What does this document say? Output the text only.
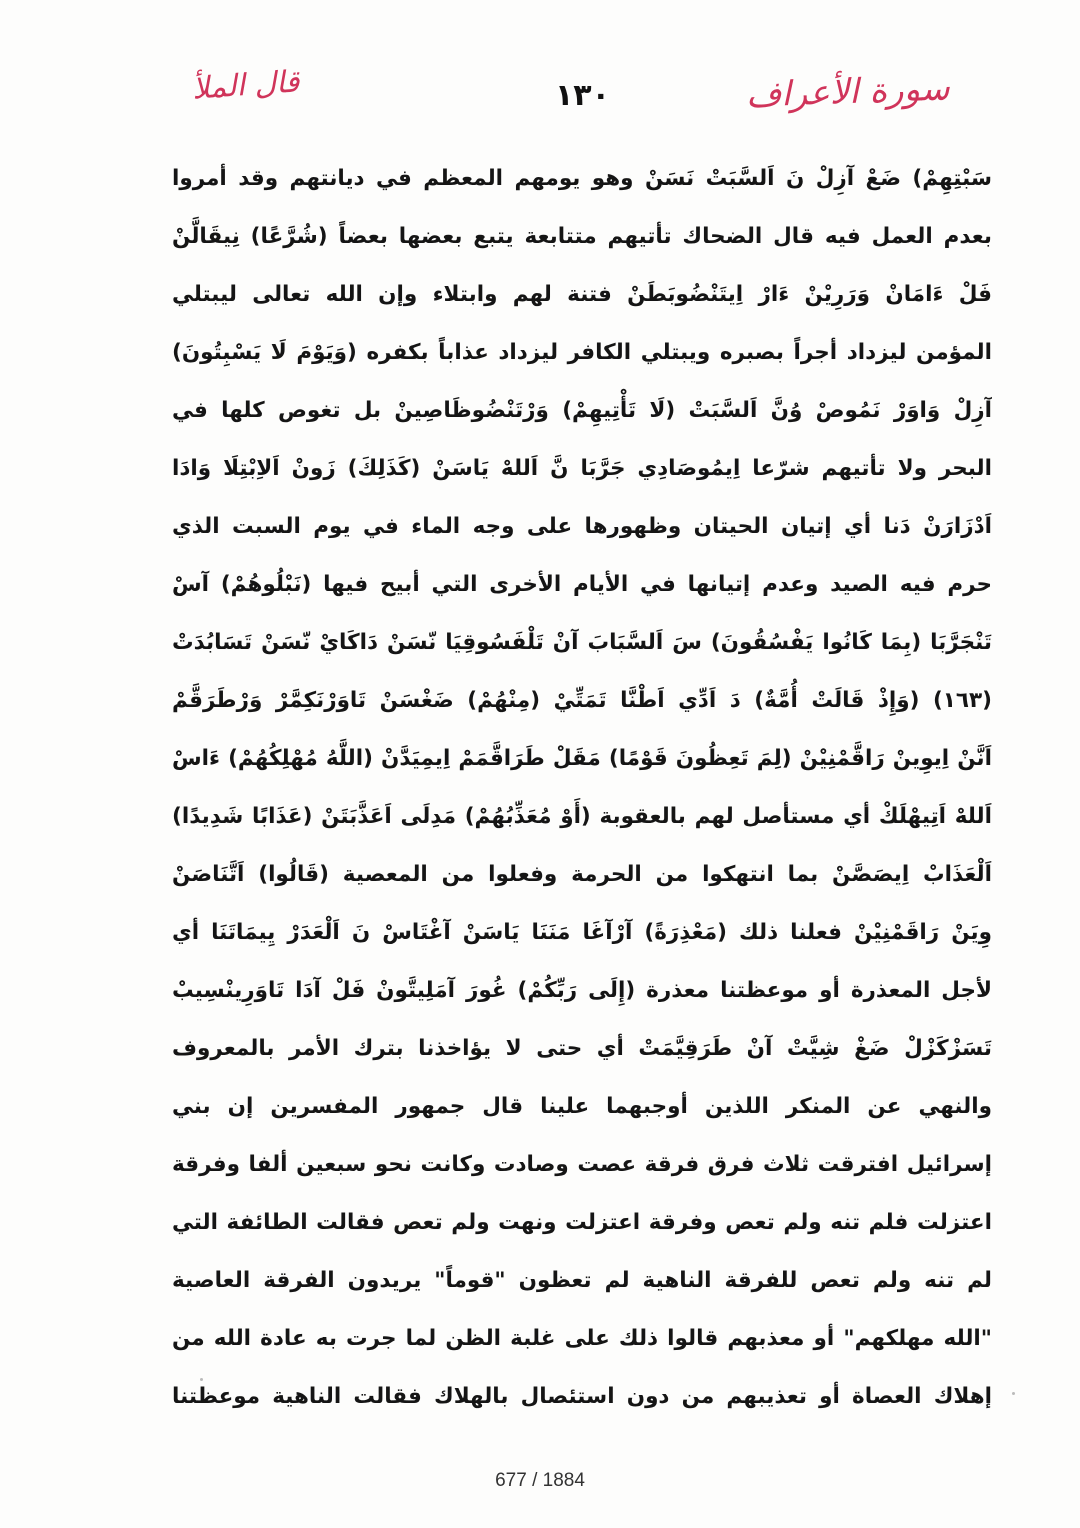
قال الملأ	١٣٠	سورة الأعراف
سَبْتِهِمْ) ضَعْ آزِلْ نَ اَلسَّبَتْ نَسَنْ وهو يومهم المعظم في ديانتهم وقد أمروا
بعدم العمل فيه قال الضحاك تأتيهم متتابعة يتبع بعضها بعضاً (شُرَّعًا) نِيقَالَّنْ
فَلْ ءَامَانْ وَرَرِيْنْ ءَارْ اِيتَنْضُوبَطَنْ فتنة لهم وابتلاء وإن الله تعالى ليبتلي
المؤمن ليزداد أجراً بصبره ويبتلي الكافر ليزداد عذاباً بكفره (وَيَوْمَ لَا يَسْبِتُونَ)
آزِلْ وَاوَرْ نَمُوصْ وُنَّ اَلسَّبَتْ (لَا تَأْتِيهِمْ) وَرْتَنْضُوظَاصِينْ بل تغوص كلها في
البحر ولا تأتيهم شرّعا اِيمُوصَادِي جَرَّبَا نَّ اَللهْ يَاسَنْ (كَذَلِكَ) زَونْ اَلاِبْتِلَا وَادَا
اَدْزَارَنْ دَنا أي إتيان الحيتان وظهورها على وجه الماء في يوم السبت الذي
حرم فيه الصيد وعدم إتيانها في الأيام الأخرى التي أبيح فيها (نَبْلُوهُمْ) آسْ
تَنْجَرَّبَا (بِمَا كَانُوا يَفْسُقُونَ) سَ اَلسَّبَابَ آنْ تَلْفَسُوقِيَا نّسَنْ دَاكَايْ نّسَنْ تَسَابُدَتْ
(١٦٣) (وَإِذْ قَالَتْ أُمَّةٌ) دَ اَدِّي اَطْنَّا تَمَتِّيْ (مِنْهُمْ) ضَغْسَنْ تَاوَرْنَكِمَّرْ وَرْطَرَقَّمْ
اَنَّنْ اِيوِينْ رَاقَّمْنِيْنْ (لِمَ تَعِظُونَ قَوْمًا) مَقَلْ طَرَاقَّمَمْ اِيمِيَدَّنْ (اللَّهُ مُهْلِكُهُمْ) ءَاسْ
اَللهْ اَتِيهْلَكْ أي مستأصل لهم بالعقوبة (أَوْ مُعَذِّبُهُمْ) مَدِلَى اَعَذَّبَتَنْ (عَذَابًا شَدِيدًا)
اَلْعَذَابْ اِيصَصَّنْ بما انتهكوا من الحرمة وفعلوا من المعصية (قَالُوا) اَتَّنَاصَنْ
وِيَنْ رَاقَمْنِيْنْ فعلنا ذلك (مَعْذِرَةً) آرْآغَا مَنَنَا يَاسَنْ آغْتَاسْ نَ اَلْعَدَرْ يِيمَاتَنَا أي
لأجل المعذرة أو موعظتنا معذرة (إِلَى رَبِّكُمْ) غُورَ آمَلِيتَّونْ فَلْ آدَا تَاوَرِينْسِيبْ
تَسَزْكَزْلْ ضَغْ شِيَّتْ آنْ طَرَقِيَّمَتْ أي حتى لا يؤاخذنا بترك الأمر بالمعروف
والنهي عن المنكر اللذين أوجبهما علينا قال جمهور المفسرين إن بني
إسرائيل افترقت ثلاث فرق فرقة عصت وصادت وكانت نحو سبعين ألفا وفرقة
اعتزلت فلم تنه ولم تعص وفرقة اعتزلت ونهت ولم تعص فقالت الطائفة التي
لم تنه ولم تعص للفرقة الناهية لم تعظون "قوماً" يريدون الفرقة العاصية
"الله مهلكهم" أو معذبهم قالوا ذلك على غلبة الظن لما جرت به عادة الله من
إهلاك العصاة أو تعذيبهم من دون استئصال بالهلاك فقالت الناهية موعظتنا
677 / 1884
